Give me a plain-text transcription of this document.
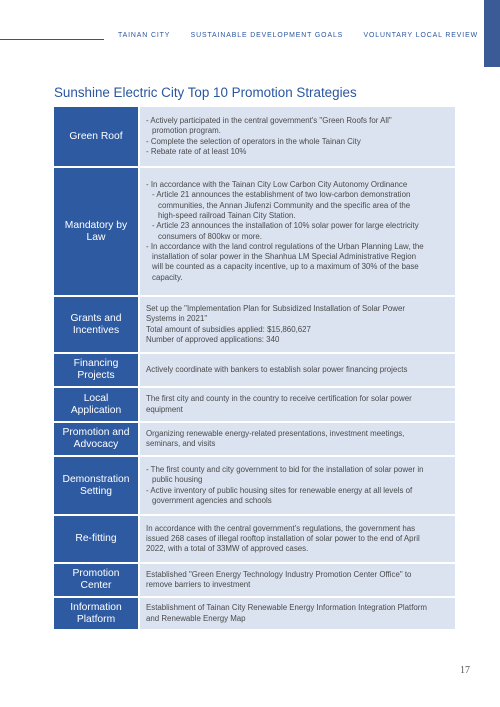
TAINAN CITY	SUSTAINABLE DEVELOPMENT GOALS	VOLUNTARY LOCAL REVIEW
Sunshine Electric City Top 10 Promotion Strategies
Green Roof
- Actively participated in the central government's "Green Roofs for All"
promotion program.
- Complete the selection of operators in the whole Tainan City
- Rebate rate of at least 10%
Mandatory by Law
- In accordance with the Tainan City Low Carbon City Autonomy Ordinance
- Article 21 announces the establishment of two low-carbon demonstration
communities, the Annan Jiufenzi Community and the specific area of the
high-speed railroad Tainan City Station.
- Article 23 announces the installation of 10% solar power for large electricity
consumers of 800kw or more.
- In accordance with the land control regulations of the Urban Planning Law, the
installation of solar power in the Shanhua LM Special Administrative Region
will be counted as a capacity incentive, up to a maximum of 30% of the base
capacity.
Grants and Incentives
Set up the "Implementation Plan for Subsidized Installation of Solar Power
Systems in 2021"
Total amount of subsidies applied: $15,860,627
Number of approved applications: 340
Financing Projects
Actively coordinate with bankers to establish solar power financing projects
Local Application
The first city and county in the country to receive certification for solar power
equipment
Promotion and Advocacy
Organizing renewable energy-related presentations, investment meetings,
seminars, and visits
Demonstration Setting
- The first county and city government to bid for the installation of solar power in
public housing
- Active inventory of public housing sites for renewable energy at all levels of
government agencies and schools
Re-fitting
In accordance with the central government's regulations, the government has
issued 268 cases of illegal rooftop installation of solar power to the end of April
2022, with a total of 33MW of approved cases.
Promotion Center
Established "Green Energy Technology Industry Promotion Center Office" to
remove barriers to investment
Information Platform
Establishment of Tainan City Renewable Energy Information Integration Platform
and Renewable Energy Map
17
